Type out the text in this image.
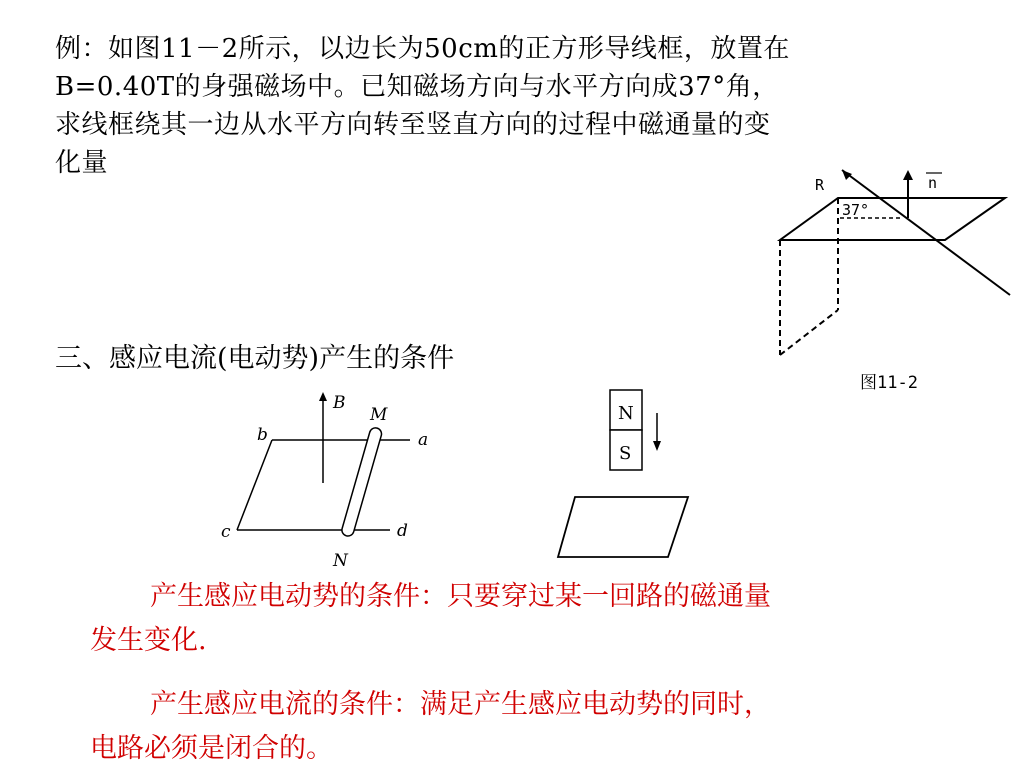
例：如图11－2所示，以边长为50cm的正方形导线框，放置在
B=0.40T的身强磁场中。已知磁场方向与水平方向成37°角，
求线框绕其一边从水平方向转至竖直方向的过程中磁通量的变
化量
R	n
37°
图11-2
三、感应电流(电动势)产生的条件
B
M
N
a
b
c	d
N
S
产生感应电动势的条件：只要穿过某一回路的磁通量
发生变化.
产生感应电流的条件：满足产生感应电动势的同时，
电路必须是闭合的。
